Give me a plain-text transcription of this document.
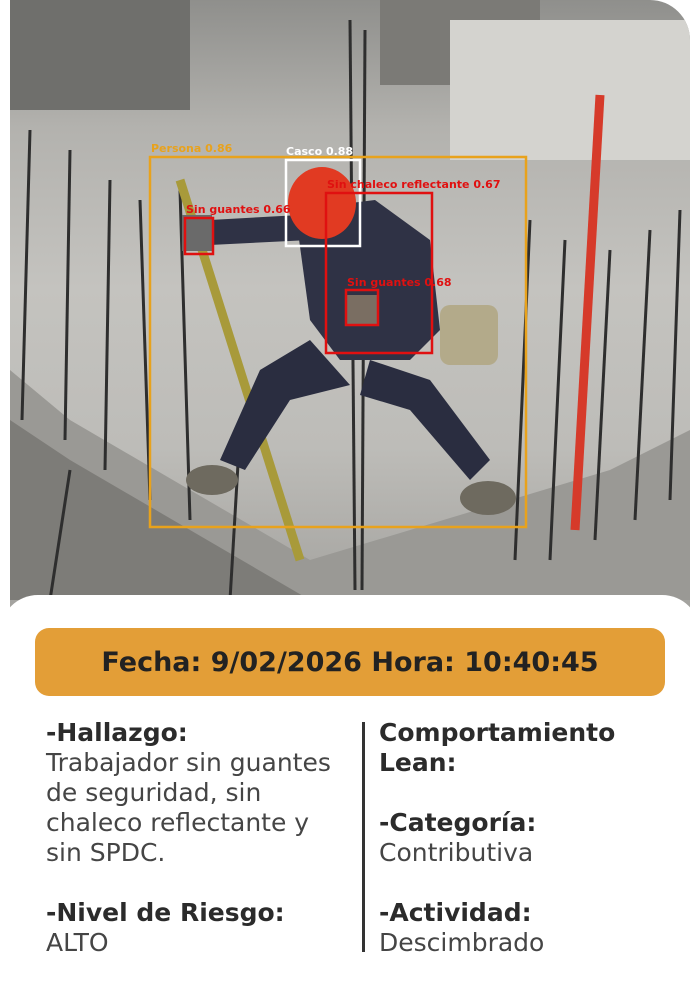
Persona 0.86	Casco 0.88
Sin chaleco reflectante 0.67
Sin guantes 0.66
Sin guantes 0.68
Fecha:
9/02/2026
Hora:
10:40:45
-Hallazgo:
Trabajador sin guantes de seguridad, sin chaleco reflectante y sin SPDC.
-Nivel de Riesgo:
ALTO
Comportamiento Lean:
-Categoría:
Contributiva
-Actividad:
Descimbrado
